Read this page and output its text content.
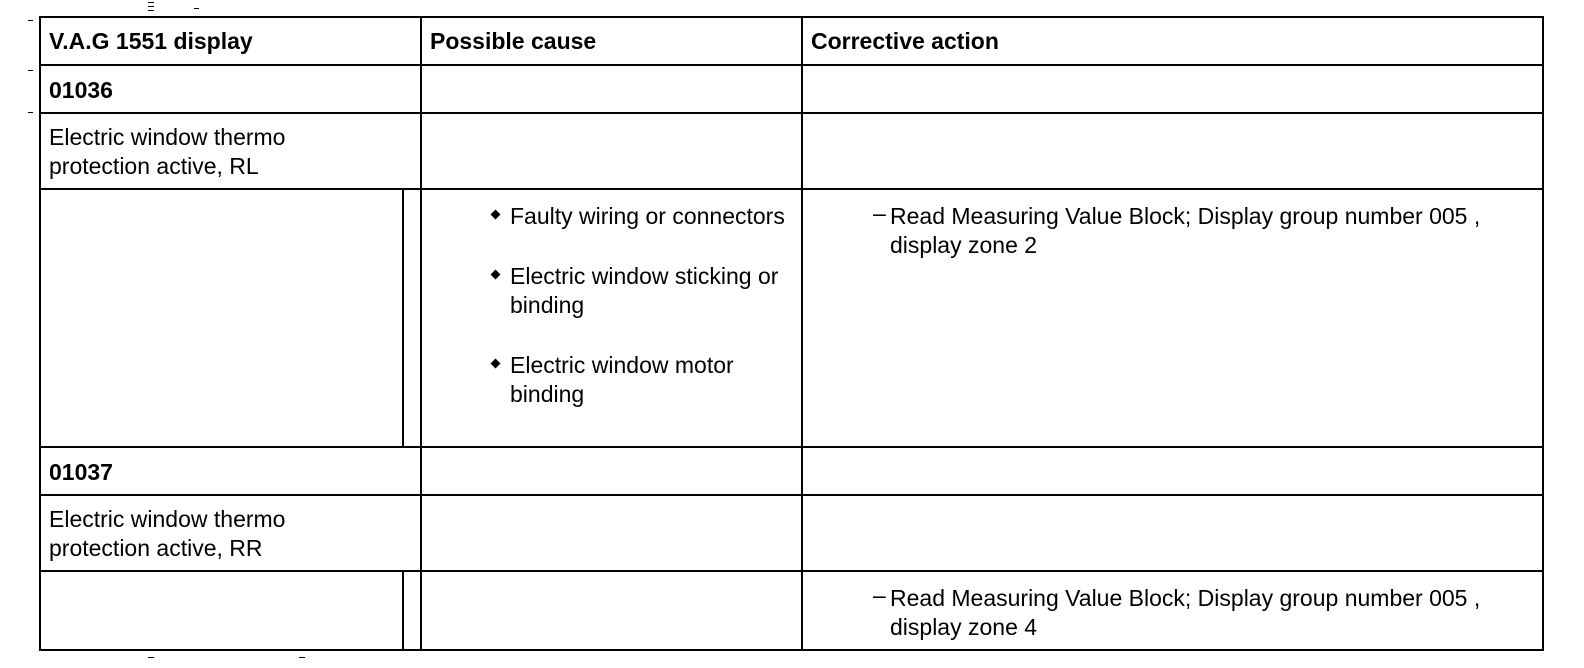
V.A.G 1551 display	Possible cause	Corrective action
01036
Electric window thermo protection active, RL
Faulty wiring or connectors
Electric window sticking or binding
Electric window motor binding
– Read Measuring Value Block; Display group number 005 , display zone 2
01037
Electric window thermo protection active, RR
– Read Measuring Value Block; Display group number 005 , display zone 4
